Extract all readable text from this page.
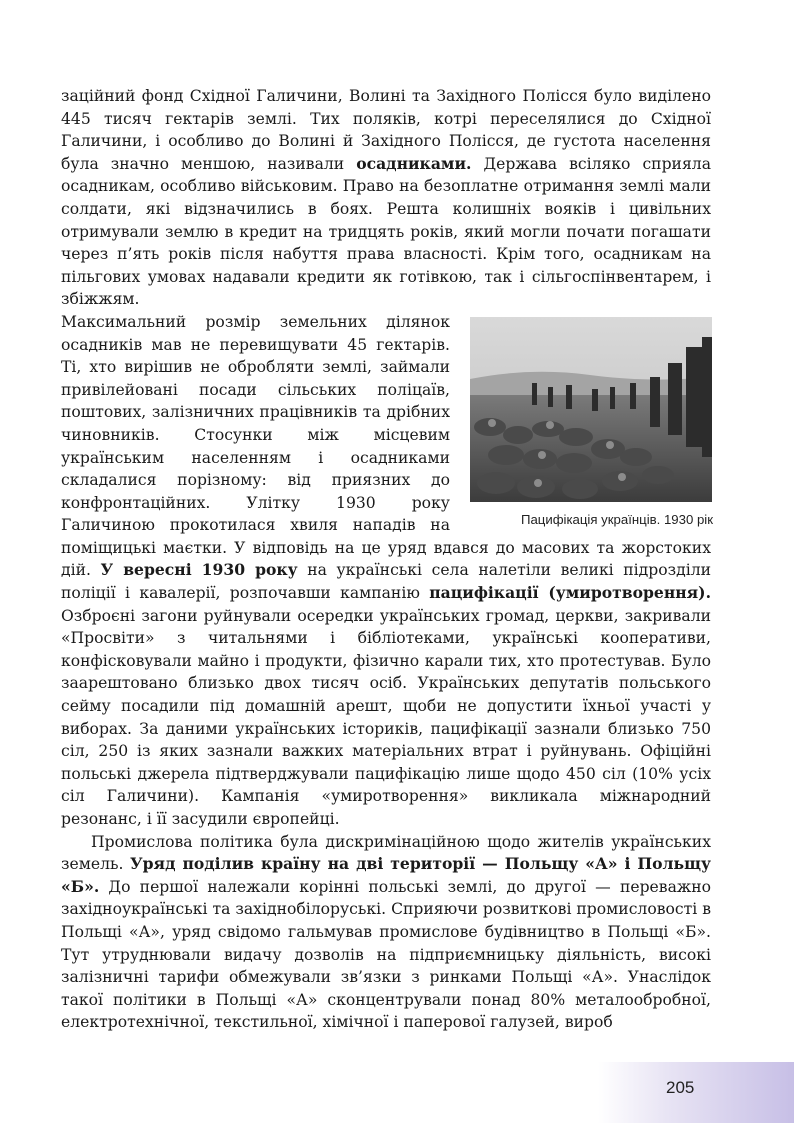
заційний фонд Східної Галичини, Волині та Західного Полісся було виділено 445 тисяч гектарів землі. Тих поляків, котрі переселялися до Східної Галичини, і особливо до Волині й Західного Полісся, де густота населення була значно меншою, називали осадниками. Держава всіляко сприяла осадникам, особливо військовим. Право на безоплатне отримання землі мали солдати, які відзначились в боях. Решта колишніх вояків і цивільних отримували землю в кредит на тридцять років, який могли почати погашати через п’ять років після набуття права власності. Крім того, осадникам на пільгових умовах надавали кредити як готівкою, так і сільгоспінвентарем, і збіжжям.

Пацифікація українців. 1930 рік

Максимальний розмір земельних ділянок осадників мав не перевищувати 45 гектарів. Ті, хто вирішив не обробляти землі, займали привілейовані посади сільських поліцаїв, поштових, залізничних працівників та дрібних чиновників. Стосунки між місцевим українським населенням і осадниками складалися порізному: від приязних до конфронтаційних. Улітку 1930 року Галичиною прокотилася хвиля нападів на поміщицькі маєтки. У відповідь на це уряд вдався до масових та жорстоких дій. У вересні 1930 року на українські села налетіли великі підрозділи поліції і кавалерії, розпочавши кампанію пацифікації (умиротворення). Озброєні загони руйнували осередки українських громад, церкви, закривали «Просвіти» з читальнями і бібліотеками, українські кооперативи, конфісковували майно і продукти, фізично карали тих, хто протестував. Було заарештовано близько двох тисяч осіб. Українських депутатів польського сейму посадили під домашній арешт, щоби не допустити їхньої участі у виборах. За даними українських істориків, пацифікації зазнали близько 750 сіл, 250 із яких зазнали важких матеріальних втрат і руйнувань. Офіційні польські джерела підтверджували пацифікацію лише щодо 450 сіл (10% усіх сіл Галичини). Кампанія «умиротворення» викликала міжнародний резонанс, і її засудили європейці.

Промислова політика була дискримінаційною щодо жителів українських земель. Уряд поділив країну на дві території — Польщу «А» і Польщу «Б». До першої належали корінні польські землі, до другої — переважно західноукраїнські та західнобілоруські. Сприяючи розвиткові промисловості в Польщі «А», уряд свідомо гальмував промислове будівництво в Польщі «Б». Тут утруднювали видачу дозволів на підприємницьку діяльність, високі залізничні тарифи обмежували зв’язки з ринками Польщі «А». Унаслідок такої політики в Польщі «А» сконцентрували понад 80% металообробної, електротехнічної, текстильної, хімічної і паперової галузей, вироб

205
